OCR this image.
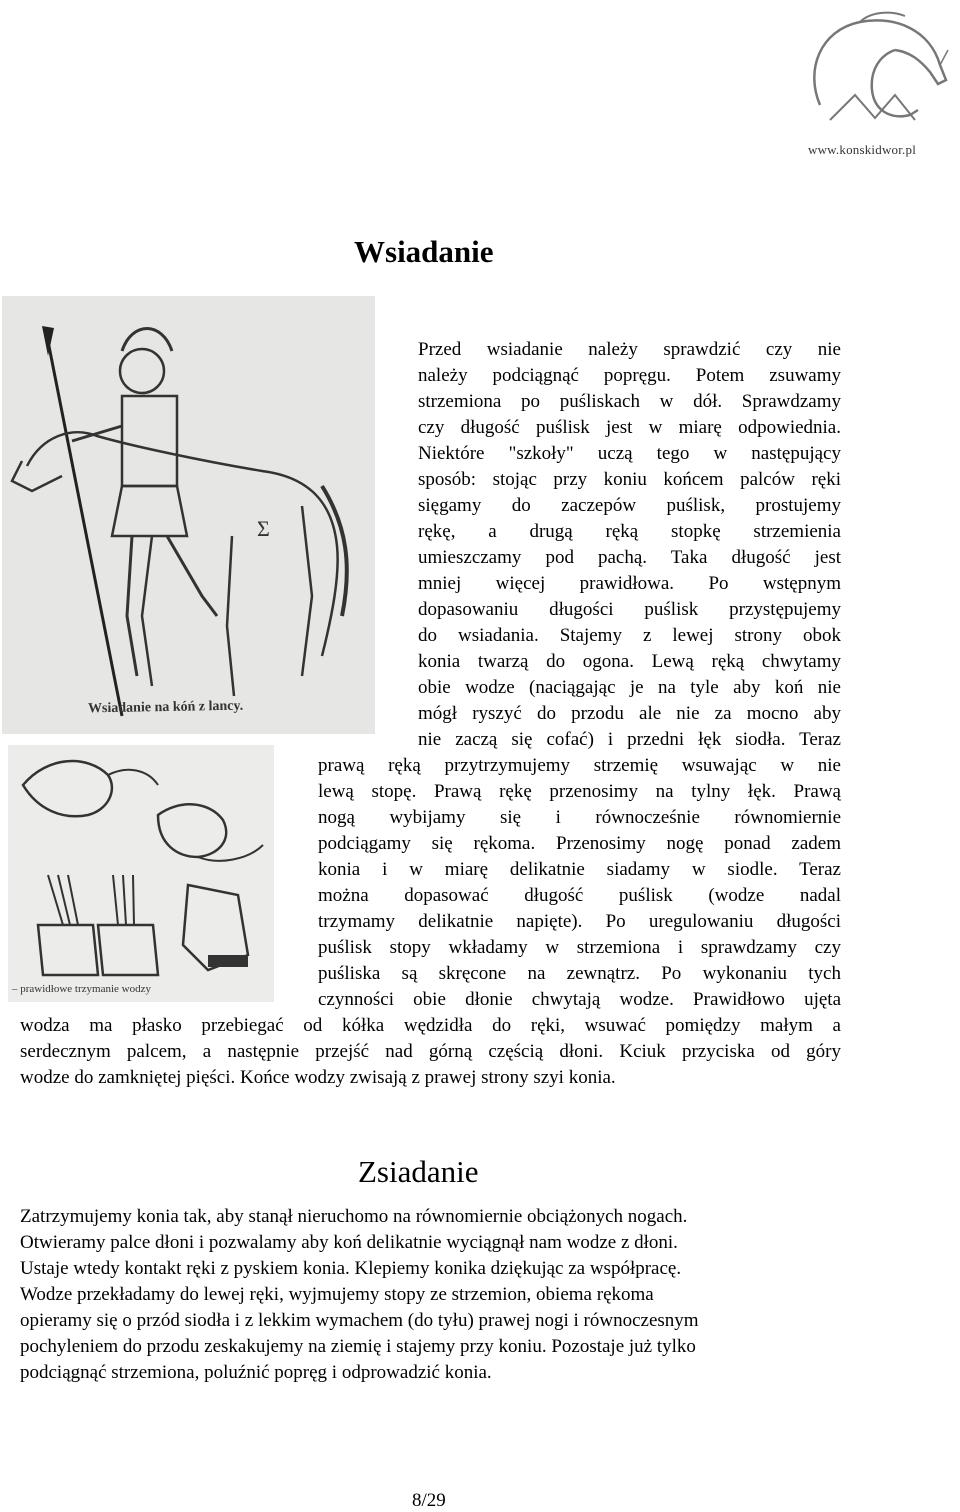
www.konskidwor.pl
Wsiadanie
Σ
Wsiadanie na kóń z lancy.
– prawidłowe trzymanie wodzy
Przed wsiadanie należy sprawdzić czy nie
należy podciągnąć popręgu. Potem zsuwamy
strzemiona po puśliskach w dół. Sprawdzamy
czy długość puślisk jest w miarę odpowiednia.
Niektóre "szkoły" uczą tego w następujący
sposób: stojąc przy koniu końcem palców ręki
sięgamy do zaczepów puślisk, prostujemy
rękę, a drugą ręką stopkę strzemienia
umieszczamy pod pachą. Taka długość jest
mniej więcej prawidłowa. Po wstępnym
dopasowaniu długości puślisk przystępujemy
do wsiadania. Stajemy z lewej strony obok
konia twarzą do ogona. Lewą ręką chwytamy
obie wodze (naciągając je na tyle aby koń nie
mógł ryszyć do przodu ale nie za mocno aby
nie zaczą się cofać) i przedni łęk siodła. Teraz
prawą ręką przytrzymujemy strzemię wsuwając w nie
lewą stopę. Prawą rękę przenosimy na tylny łęk. Prawą
nogą wybijamy się i równocześnie równomiernie
podciągamy się rękoma. Przenosimy nogę ponad zadem
konia i w miarę delikatnie siadamy w siodle. Teraz
można dopasować długość puślisk (wodze nadal
trzymamy delikatnie napięte). Po uregulowaniu długości
puślisk stopy wkładamy w strzemiona i sprawdzamy czy
puśliska są skręcone na zewnątrz. Po wykonaniu tych
czynności obie dłonie chwytają wodze. Prawidłowo ujęta
wodza ma płasko przebiegać od kółka wędzidła do ręki, wsuwać pomiędzy małym a
serdecznym palcem, a następnie przejść nad górną częścią dłoni. Kciuk przyciska od góry
wodze do zamkniętej pięści. Końce wodzy zwisają z prawej strony szyi konia.
Zsiadanie
Zatrzymujemy konia tak, aby stanął nieruchomo na równomiernie obciążonych nogach.
Otwieramy palce dłoni i pozwalamy aby koń delikatnie wyciągnął nam wodze z dłoni.
Ustaje wtedy kontakt ręki z pyskiem konia. Klepiemy konika dziękując za współpracę.
Wodze przekładamy do lewej ręki, wyjmujemy stopy ze strzemion, obiema rękoma
opieramy się o przód siodła i z lekkim wymachem (do tyłu) prawej nogi i równoczesnym
pochyleniem do przodu zeskakujemy na ziemię i stajemy przy koniu. Pozostaje już tylko
podciągnąć strzemiona, poluźnić popręg i odprowadzić konia.
8/29
